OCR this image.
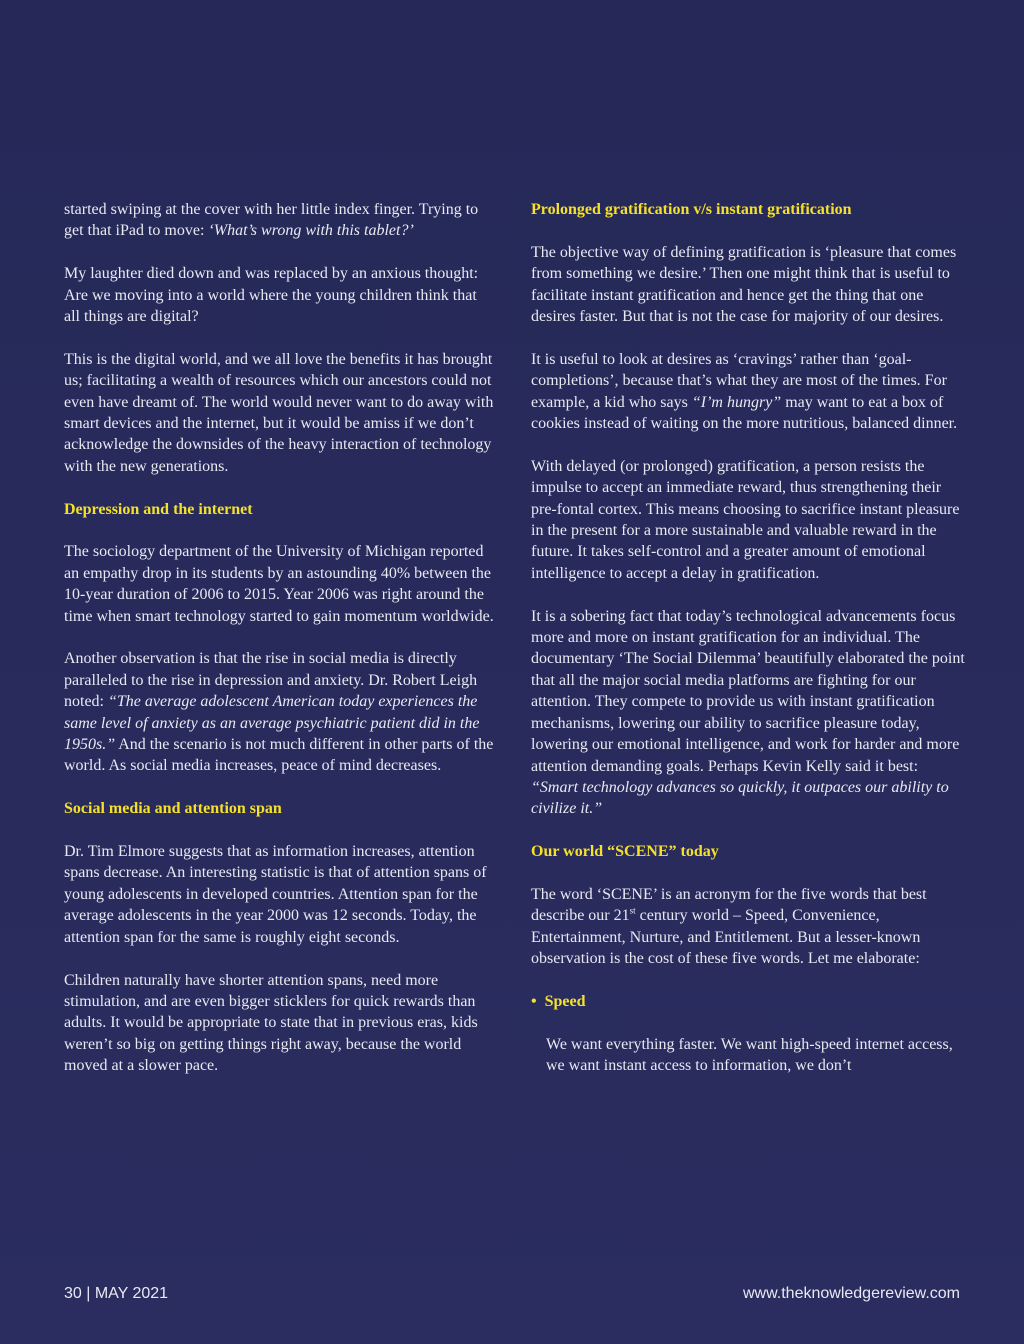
started swiping at the cover with her little index finger. Trying to get that iPad to move: ‘What’s wrong with this tablet?’

My laughter died down and was replaced by an anxious thought: Are we moving into a world where the young children think that all things are digital?

This is the digital world, and we all love the benefits it has brought us; facilitating a wealth of resources which our ancestors could not even have dreamt of. The world would never want to do away with smart devices and the internet, but it would be amiss if we don’t acknowledge the downsides of the heavy interaction of technology with the new generations.

Depression and the internet

The sociology department of the University of Michigan reported an empathy drop in its students by an astounding 40% between the 10-year duration of 2006 to 2015. Year 2006 was right around the time when smart technology started to gain momentum worldwide.

Another observation is that the rise in social media is directly paralleled to the rise in depression and anxiety. Dr. Robert Leigh noted: “The average adolescent American today experiences the same level of anxiety as an average psychiatric patient did in the 1950s.” And the scenario is not much different in other parts of the world. As social media increases, peace of mind decreases.

Social media and attention span

Dr. Tim Elmore suggests that as information increases, attention spans decrease. An interesting statistic is that of attention spans of young adolescents in developed countries. Attention span for the average adolescents in the year 2000 was 12 seconds. Today, the attention span for the same is roughly eight seconds.

Children naturally have shorter attention spans, need more stimulation, and are even bigger sticklers for quick rewards than adults. It would be appropriate to state that in previous eras, kids weren’t so big on getting things right away, because the world moved at a slower pace.

Prolonged gratification v/s instant gratification

The objective way of defining gratification is ‘pleasure that comes from something we desire.’ Then one might think that is useful to facilitate instant gratification and hence get the thing that one desires faster. But that is not the case for majority of our desires.

It is useful to look at desires as ‘cravings’ rather than ‘goal-completions’, because that’s what they are most of the times. For example, a kid who says “I’m hungry” may want to eat a box of cookies instead of waiting on the more nutritious, balanced dinner.

With delayed (or prolonged) gratification, a person resists the impulse to accept an immediate reward, thus strengthening their pre-fontal cortex. This means choosing to sacrifice instant pleasure in the present for a more sustainable and valuable reward in the future. It takes self-control and a greater amount of emotional intelligence to accept a delay in gratification.

It is a sobering fact that today’s technological advancements focus more and more on instant gratification for an individual. The documentary ‘The Social Dilemma’ beautifully elaborated the point that all the major social media platforms are fighting for our attention. They compete to provide us with instant gratification mechanisms, lowering our ability to sacrifice pleasure today, lowering our emotional intelligence, and work for harder and more attention demanding goals. Perhaps Kevin Kelly said it best: “Smart technology advances so quickly, it outpaces our ability to civilize it.”

Our world “SCENE” today

The word ‘SCENE’ is an acronym for the five words that best describe our 21st century world – Speed, Convenience, Entertainment, Nurture, and Entitlement. But a lesser-known observation is the cost of these five words. Let me elaborate:

• Speed

We want everything faster. We want high-speed internet access, we want instant access to information, we don’t

30 | MAY 2021	www.theknowledgereview.com
